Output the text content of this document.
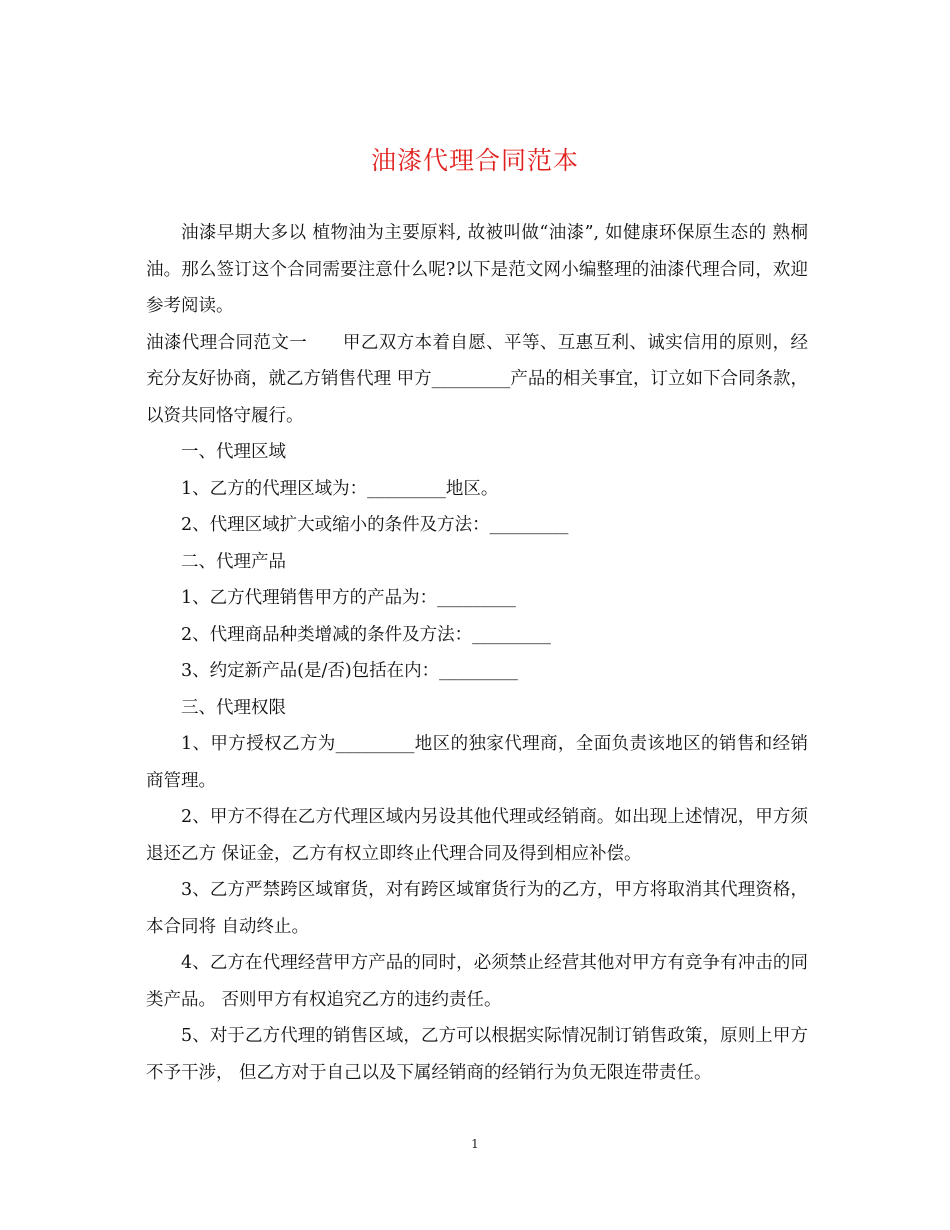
油漆代理合同范本

油漆早期大多以 植物油为主要原料, 故被叫做“油漆”, 如健康环保原生态的 熟桐油。那么签订这个合同需要注意什么呢?以下是范文网小编整理的油漆代理合同，欢迎参考阅读。

油漆代理合同范文一　　甲乙双方本着自愿、平等、互惠互利、诚实信用的原则，经充分友好协商，就乙方销售代理 甲方_________产品的相关事宜，订立如下合同条款，以资共同恪守履行。

一、代理区域

1、乙方的代理区域为：_________地区。

2、代理区域扩大或缩小的条件及方法：_________

二、代理产品

1、乙方代理销售甲方的产品为：_________

2、代理商品种类增减的条件及方法：_________

3、约定新产品(是/否)包括在内：_________

三、代理权限

1、甲方授权乙方为_________地区的独家代理商，全面负责该地区的销售和经销商管理。

2、甲方不得在乙方代理区域内另设其他代理或经销商。如出现上述情况，甲方须退还乙方 保证金，乙方有权立即终止代理合同及得到相应补偿。

3、乙方严禁跨区域窜货，对有跨区域窜货行为的乙方，甲方将取消其代理资格，本合同将 自动终止。

4、乙方在代理经营甲方产品的同时，必须禁止经营其他对甲方有竞争有冲击的同类产品。 否则甲方有权追究乙方的违约责任。

5、对于乙方代理的销售区域，乙方可以根据实际情况制订销售政策，原则上甲方不予干涉， 但乙方对于自己以及下属经销商的经销行为负无限连带责任。

1
